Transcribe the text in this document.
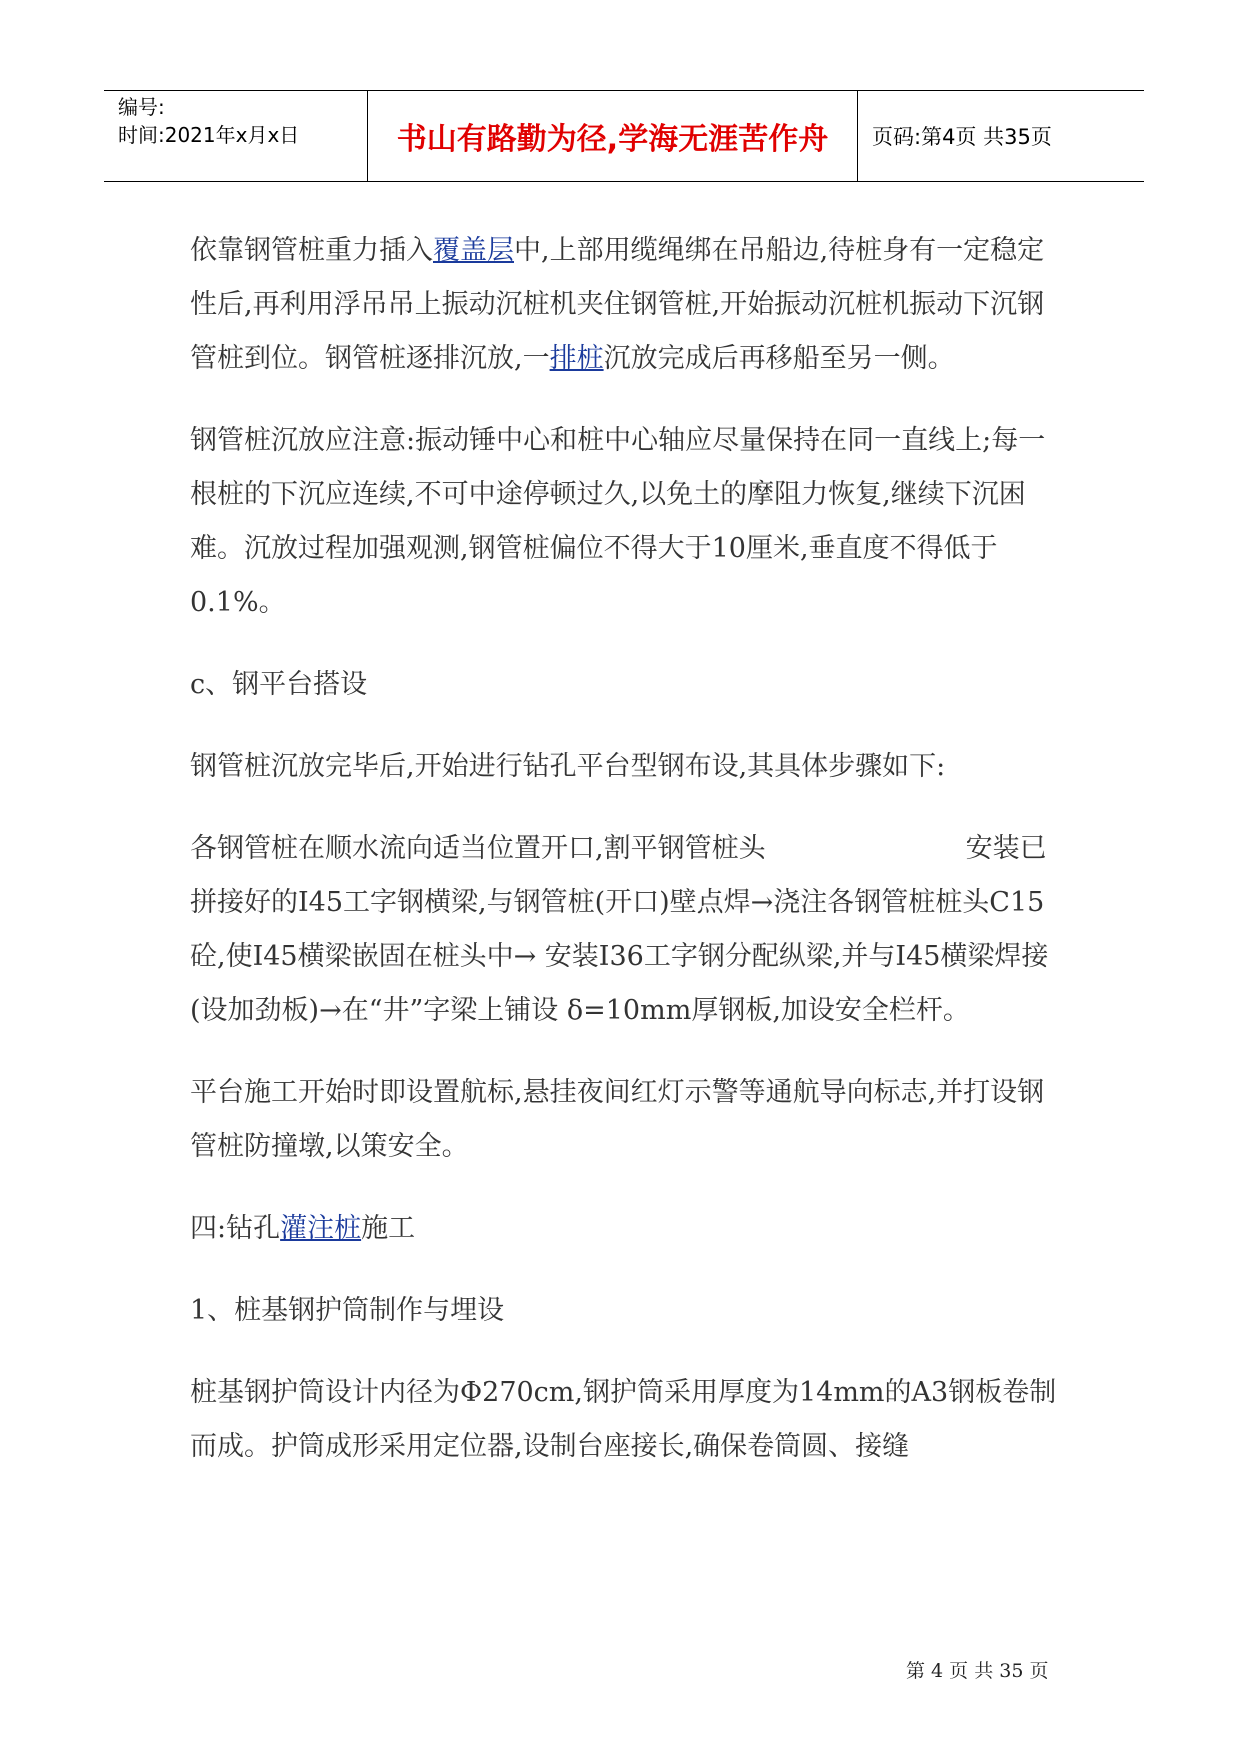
编号:
时间:2021年x月x日	书山有路勤为径,学海无涯苦作舟	页码:第4页 共35页

依靠钢管桩重力插入覆盖层中,上部用缆绳绑在吊船边,待桩身有一定稳定性后,再利用浮吊吊上振动沉桩机夹住钢管桩,开始振动沉桩机振动下沉钢管桩到位。钢管桩逐排沉放,一排桩沉放完成后再移船至另一侧。

钢管桩沉放应注意:振动锤中心和桩中心轴应尽量保持在同一直线上;每一根桩的下沉应连续,不可中途停顿过久,以免土的摩阻力恢复,继续下沉困难。沉放过程加强观测,钢管桩偏位不得大于10厘米,垂直度不得低于0.1%。

c、钢平台搭设

钢管桩沉放完毕后,开始进行钻孔平台型钢布设,其具体步骤如下:

各钢管桩在顺水流向适当位置开口,割平钢管桩头	安装已拼接好的I45工字钢横梁,与钢管桩(开口)壁点焊→浇注各钢管桩桩头C15砼,使I45横梁嵌固在桩头中→ 安装I36工字钢分配纵梁,并与I45横梁焊接(设加劲板)→在“井”字梁上铺设 δ=10mm厚钢板,加设安全栏杆。

平台施工开始时即设置航标,悬挂夜间红灯示警等通航导向标志,并打设钢管桩防撞墩,以策安全。

四:钻孔灌注桩施工

1、桩基钢护筒制作与埋设

桩基钢护筒设计内径为Φ270cm,钢护筒采用厚度为14mm的A3钢板卷制而成。护筒成形采用定位器,设制台座接长,确保卷筒圆、接缝

第 4 页 共 35 页
